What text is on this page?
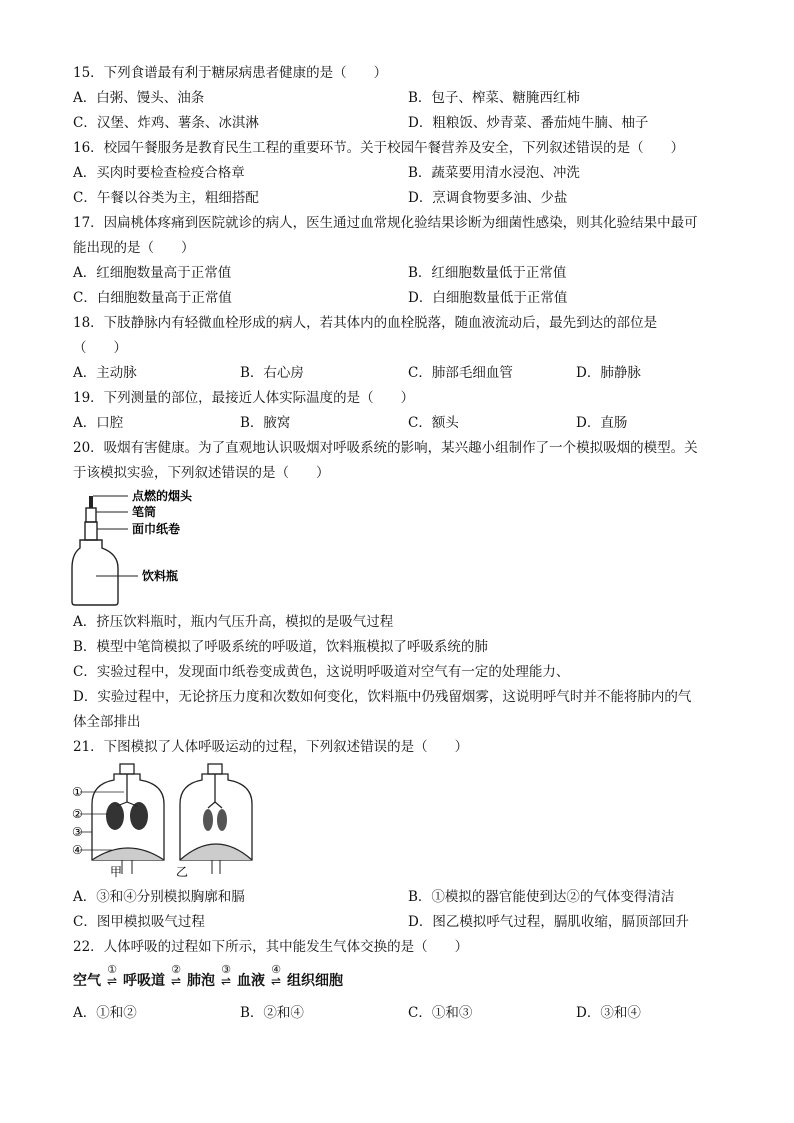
15．下列食谱最有利于糖尿病患者健康的是（　　）
A．白粥、馒头、油条	B．包子、榨菜、糖腌西红柿
C．汉堡、炸鸡、薯条、冰淇淋	D．粗粮饭、炒青菜、番茄炖牛腩、柚子
16．校园午餐服务是教育民生工程的重要环节。关于校园午餐营养及安全，下列叙述错误的是（　　）
A．买肉时要检查检疫合格章	B．蔬菜要用清水浸泡、冲洗
C．午餐以谷类为主，粗细搭配	D．烹调食物要多油、少盐
17．因扁桃体疼痛到医院就诊的病人，医生通过血常规化验结果诊断为细菌性感染，则其化验结果中最可
能出现的是（　　）
A．红细胞数量高于正常值	B．红细胞数量低于正常值
C．白细胞数量高于正常值	D．白细胞数量低于正常值
18．下肢静脉内有轻微血栓形成的病人，若其体内的血栓脱落，随血液流动后，最先到达的部位是
（　　）
A．主动脉	B．右心房	C．肺部毛细血管	D．肺静脉
19．下列测量的部位，最接近人体实际温度的是（　　）
A．口腔	B．腋窝	C．额头	D．直肠
20．吸烟有害健康。为了直观地认识吸烟对呼吸系统的影响，某兴趣小组制作了一个模拟吸烟的模型。关
于该模拟实验，下列叙述错误的是（　　）
点燃的烟头
笔筒
面巾纸卷
饮料瓶
A．挤压饮料瓶时，瓶内气压升高，模拟的是吸气过程
B．模型中笔筒模拟了呼吸系统的呼吸道，饮料瓶模拟了呼吸系统的肺
C．实验过程中，发现面巾纸卷变成黄色，这说明呼吸道对空气有一定的处理能力、
D．实验过程中，无论挤压力度和次数如何变化，饮料瓶中仍残留烟雾，这说明呼气时并不能将肺内的气
体全部排出
21．下图模拟了人体呼吸运动的过程，下列叙述错误的是（　　）
①
②
③
④
甲	乙
A．③和④分别模拟胸廓和膈	B．①模拟的器官能使到达②的气体变得清洁
C．图甲模拟吸气过程	D．图乙模拟呼气过程，膈肌收缩，膈顶部回升
22．人体呼吸的过程如下所示，其中能发生气体交换的是（　　）
空气
①
⇌ 呼吸道
②
⇌ 肺泡
③
⇌ 血液
④
⇌ 组织细胞
A．①和②	B．②和④	C．①和③	D．③和④
